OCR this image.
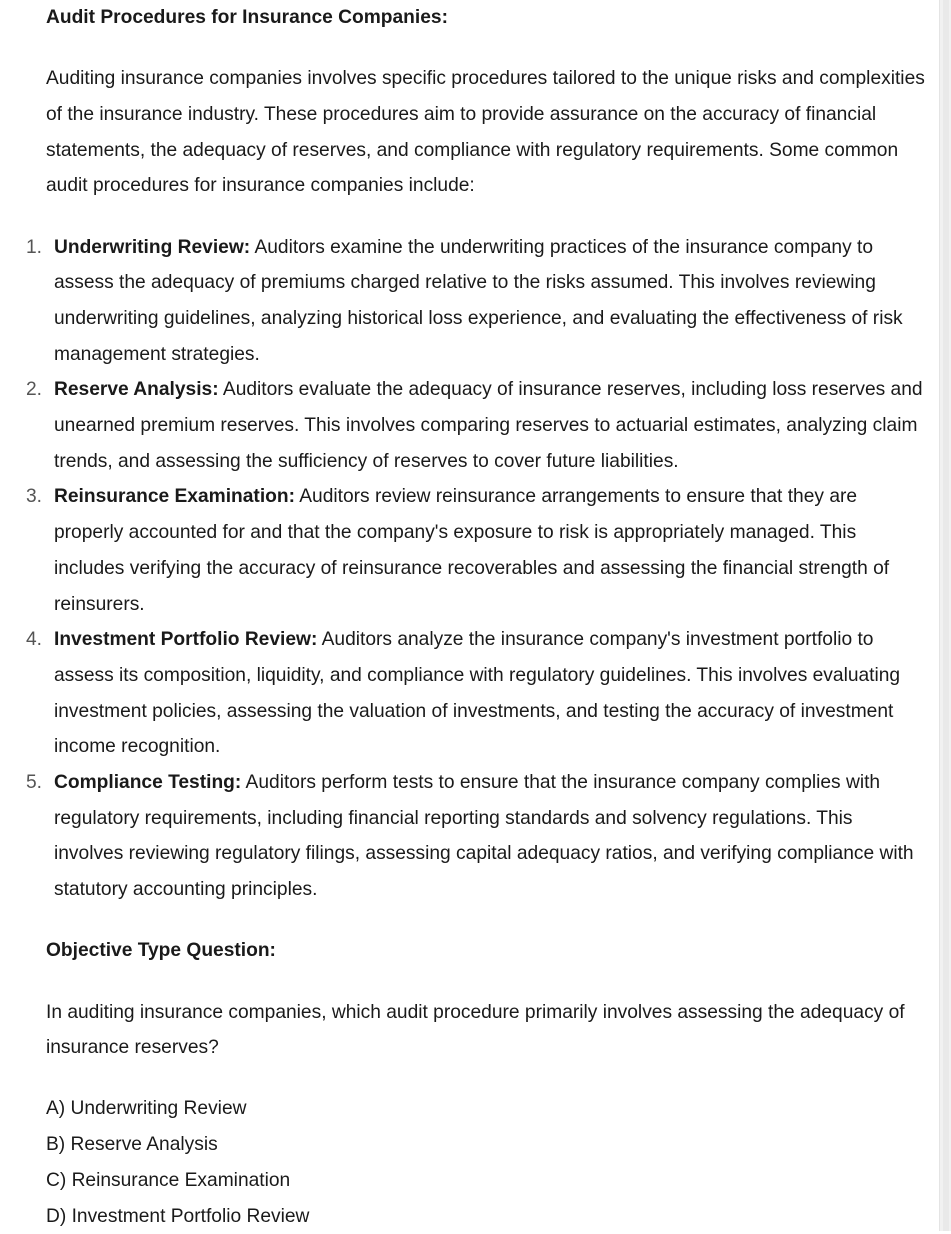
Audit Procedures for Insurance Companies:

Auditing insurance companies involves specific procedures tailored to the unique risks and complexities of the insurance industry. These procedures aim to provide assurance on the accuracy of financial statements, the adequacy of reserves, and compliance with regulatory requirements. Some common audit procedures for insurance companies include:

1. Underwriting Review: Auditors examine the underwriting practices of the insurance company to assess the adequacy of premiums charged relative to the risks assumed. This involves reviewing underwriting guidelines, analyzing historical loss experience, and evaluating the effectiveness of risk management strategies.
2. Reserve Analysis: Auditors evaluate the adequacy of insurance reserves, including loss reserves and unearned premium reserves. This involves comparing reserves to actuarial estimates, analyzing claim trends, and assessing the sufficiency of reserves to cover future liabilities.
3. Reinsurance Examination: Auditors review reinsurance arrangements to ensure that they are properly accounted for and that the company's exposure to risk is appropriately managed. This includes verifying the accuracy of reinsurance recoverables and assessing the financial strength of reinsurers.
4. Investment Portfolio Review: Auditors analyze the insurance company's investment portfolio to assess its composition, liquidity, and compliance with regulatory guidelines. This involves evaluating investment policies, assessing the valuation of investments, and testing the accuracy of investment income recognition.
5. Compliance Testing: Auditors perform tests to ensure that the insurance company complies with regulatory requirements, including financial reporting standards and solvency regulations. This involves reviewing regulatory filings, assessing capital adequacy ratios, and verifying compliance with statutory accounting principles.

Objective Type Question:

In auditing insurance companies, which audit procedure primarily involves assessing the adequacy of insurance reserves?

A) Underwriting Review

B) Reserve Analysis

C) Reinsurance Examination

D) Investment Portfolio Review
